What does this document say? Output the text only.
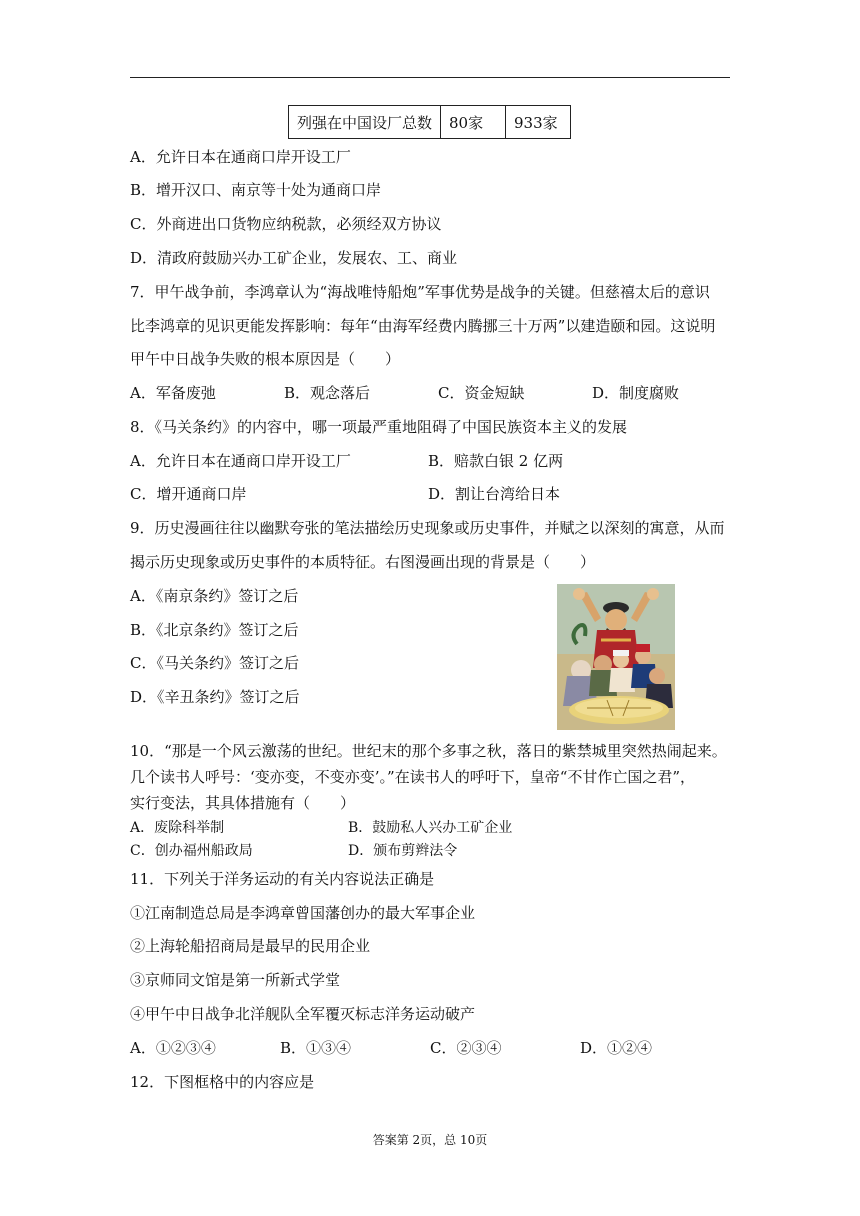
列强在中国设厂总数	80家	933家
A．允许日本在通商口岸开设工厂
B．增开汉口、南京等十处为通商口岸
C．外商进出口货物应纳税款，必须经双方协议
D．清政府鼓励兴办工矿企业，发展农、工、商业
7．甲午战争前，李鸿章认为“海战唯恃船炮”军事优势是战争的关键。但慈禧太后的意识
比李鸿章的见识更能发挥影响：每年“由海军经费内腾挪三十万两”以建造颐和园。这说明
甲午中日战争失败的根本原因是（　　）
A．军备废弛	B．观念落后	C．资金短缺	D．制度腐败
8．《马关条约》的内容中，哪一项最严重地阻碍了中国民族资本主义的发展
A．允许日本在通商口岸开设工厂	B．赔款白银 2 亿两
C．增开通商口岸	D．割让台湾给日本
9．历史漫画往往以幽默夸张的笔法描绘历史现象或历史事件，并赋之以深刻的寓意，从而
揭示历史现象或历史事件的本质特征。右图漫画出现的背景是（　　）
A．《南京条约》签订之后
B．《北京条约》签订之后
C．《马关条约》签订之后
D．《辛丑条约》签订之后
10．“那是一个风云激荡的世纪。世纪末的那个多事之秋，落日的紫禁城里突然热闹起来。
几个读书人呼号：‘变亦变，不变亦变’。”在读书人的呼吁下，皇帝“不甘作亡国之君”，
实行变法，其具体措施有（　　）
A．废除科举制	B．鼓励私人兴办工矿企业
C．创办福州船政局	D．颁布剪辫法令
11．下列关于洋务运动的有关内容说法正确是
①江南制造总局是李鸿章曾国藩创办的最大军事企业
②上海轮船招商局是最早的民用企业
③京师同文馆是第一所新式学堂
④甲午中日战争北洋舰队全军覆灭标志洋务运动破产
A．①②③④	B．①③④	C．②③④	D．①②④
12．下图框格中的内容应是
答案第 2页，总 10页
